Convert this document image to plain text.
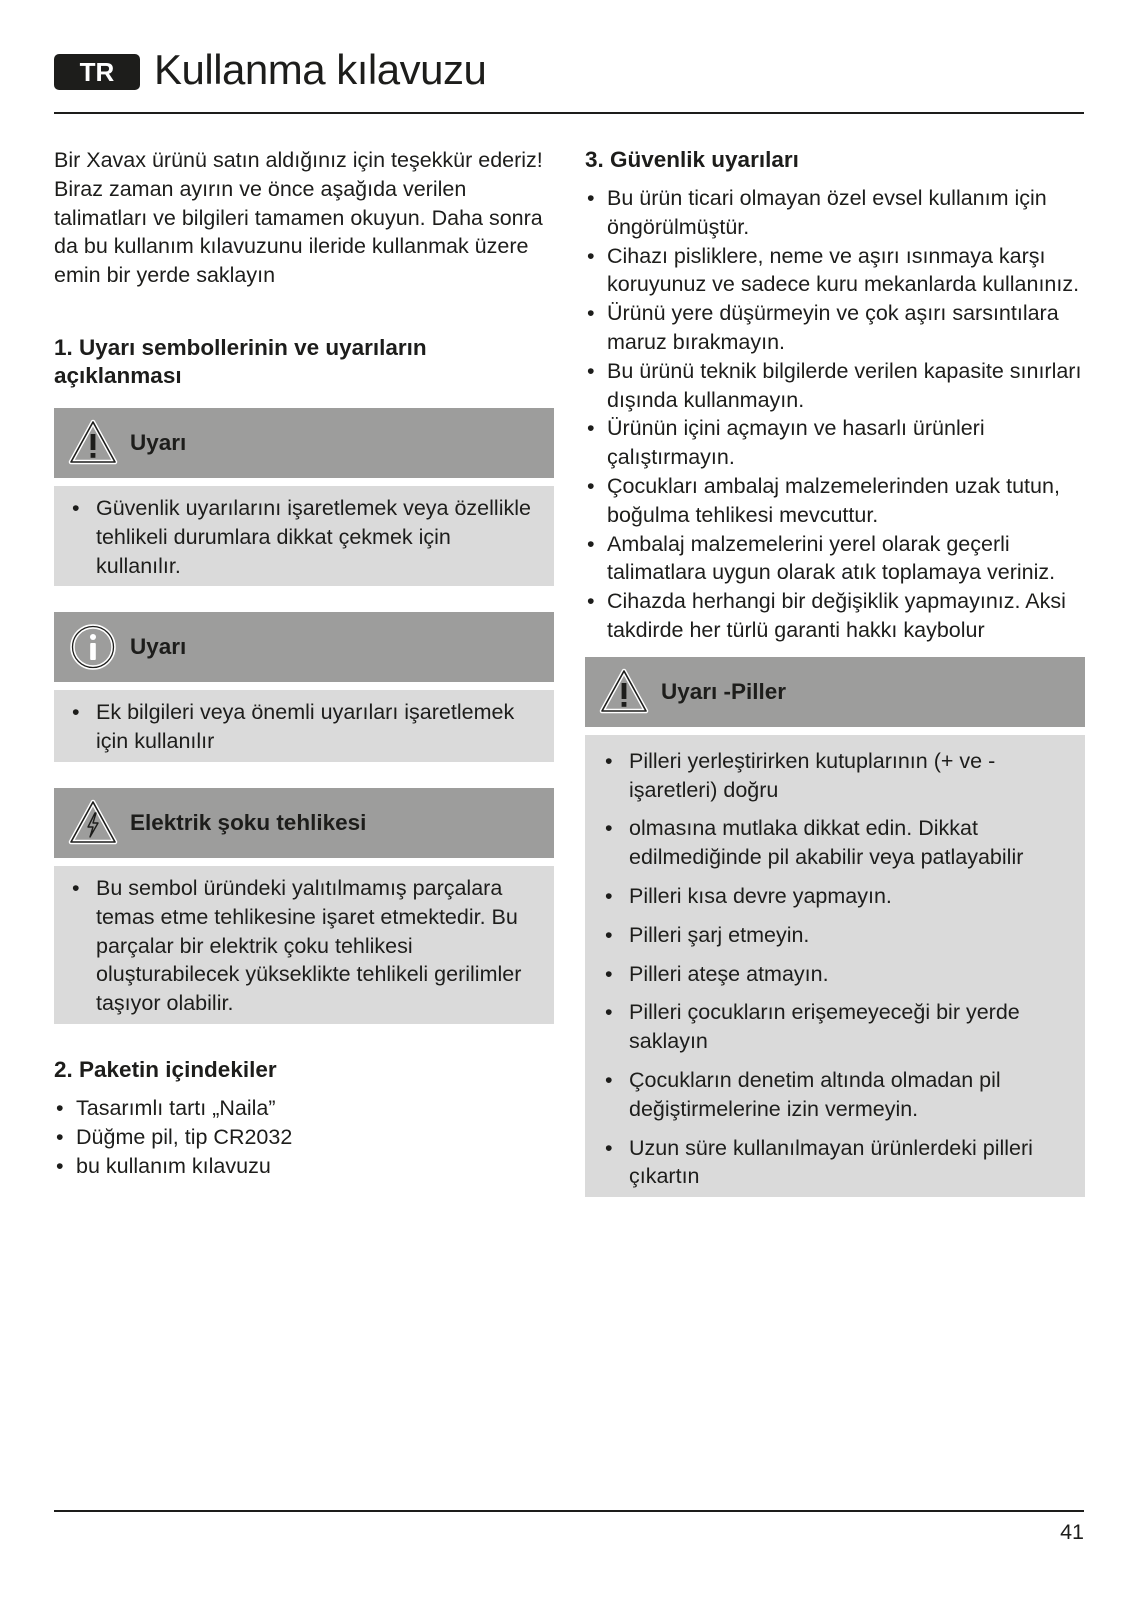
TR Kullanma kılavuzu

Bir Xavax ürünü satın aldığınız için teşekkür ederiz! Biraz zaman ayırın ve önce aşağıda verilen talimatları ve bilgileri tamamen okuyun. Daha sonra da bu kullanım kılavuzunu ileride kullanmak üzere emin bir yerde saklayın

1. Uyarı sembollerinin ve uyarıların açıklanması
Uyarı
• Güvenlik uyarılarını işaretlemek veya özellikle tehlikeli durumlara dikkat çekmek için kullanılır.
Uyarı
• Ek bilgileri veya önemli uyarıları işaretlemek için kullanılır
Elektrik şoku tehlikesi
• Bu sembol üründeki yalıtılmamış parçalara temas etme tehlikesine işaret etmektedir. Bu parçalar bir elektrik çoku tehlikesi oluşturabilecek yükseklikte tehlikeli gerilimler taşıyor olabilir.
2. Paketin içindekiler
• Tasarımlı tartı „Naila”
• Düğme pil, tip CR2032
• bu kullanım kılavuzu
3. Güvenlik uyarıları
• Bu ürün ticari olmayan özel evsel kullanım için öngörülmüştür.
• Cihazı pisliklere, neme ve aşırı ısınmaya karşı koruyunuz ve sadece kuru mekanlarda kullanınız.
• Ürünü yere düşürmeyin ve çok aşırı sarsıntılara maruz bırakmayın.
• Bu ürünü teknik bilgilerde verilen kapasite sınırları dışında kullanmayın.
• Ürünün içini açmayın ve hasarlı ürünleri çalıştırmayın.
• Çocukları ambalaj malzemelerinden uzak tutun, boğulma tehlikesi mevcuttur.
• Ambalaj malzemelerini yerel olarak geçerli talimatlara uygun olarak atık toplamaya veriniz.
• Cihazda herhangi bir değişiklik yapmayınız. Aksi takdirde her türlü garanti hakkı kaybolur
Uyarı -Piller
• Pilleri yerleştirirken kutuplarının (+ ve - işaretleri) doğru
• olmasına mutlaka dikkat edin. Dikkat edilmediğinde pil akabilir veya patlayabilir
• Pilleri kısa devre yapmayın.
• Pilleri şarj etmeyin.
• Pilleri ateşe atmayın.
• Pilleri çocukların erişemeyeceği bir yerde saklayın
• Çocukların denetim altında olmadan pil değiştirmelerine izin vermeyin.
• Uzun süre kullanılmayan ürünlerdeki pilleri çıkartın
41
